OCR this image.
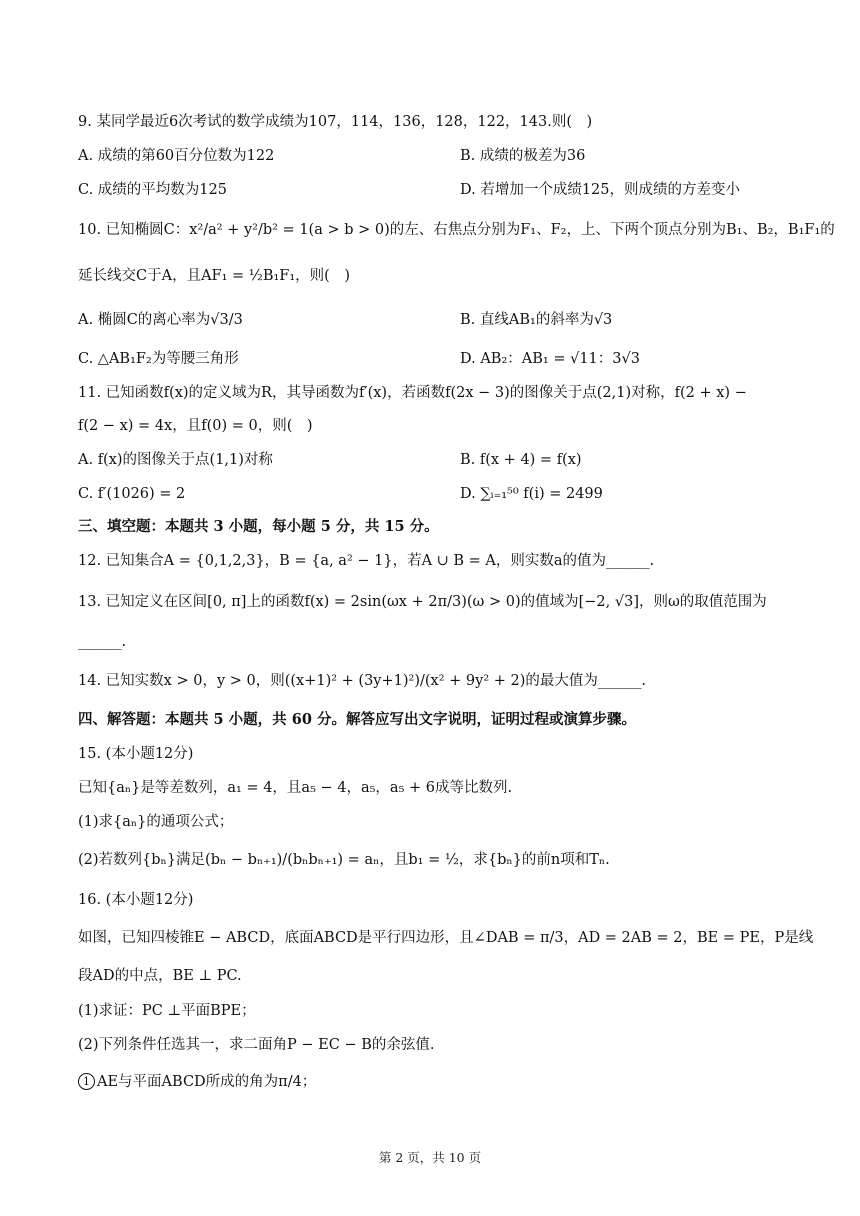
9. 某同学最近6次考试的数学成绩为107，114，136，128，122，143.则(　)
A. 成绩的第60百分位数为122	B. 成绩的极差为36
C. 成绩的平均数为125	D. 若增加一个成绩125，则成绩的方差变小
10. 已知椭圆C：x²/a² + y²/b² = 1(a > b > 0)的左、右焦点分别为F₁、F₂，上、下两个顶点分别为B₁、B₂，B₁F₁的
延长线交C于A，且AF₁ = ½B₁F₁，则(　)
A. 椭圆C的离心率为√3/3	B. 直线AB₁的斜率为√3
C. △AB₁F₂为等腰三角形	D. AB₂：AB₁ = √11：3√3
11. 已知函数f(x)的定义域为R，其导函数为f′(x)，若函数f(2x − 3)的图像关于点(2,1)对称，f(2 + x) −
f(2 − x) = 4x，且f(0) = 0，则(　)
A. f(x)的图像关于点(1,1)对称	B. f(x + 4) = f(x)
C. f′(1026) = 2	D. ∑ᵢ₌₁⁵⁰ f(i) = 2499
三、填空题：本题共 3 小题，每小题 5 分，共 15 分。
12. 已知集合A = {0,1,2,3}，B = {a, a² − 1}，若A ∪ B = A，则实数a的值为______.
13. 已知定义在区间[0, π]上的函数f(x) = 2sin(ωx + 2π/3)(ω > 0)的值域为[−2, √3]，则ω的取值范围为
______.
14. 已知实数x > 0，y > 0，则((x+1)² + (3y+1)²)/(x² + 9y² + 2)的最大值为______.
四、解答题：本题共 5 小题，共 60 分。解答应写出文字说明，证明过程或演算步骤。
15. (本小题12分)
已知{aₙ}是等差数列，a₁ = 4，且a₅ − 4，a₅，a₅ + 6成等比数列.
(1)求{aₙ}的通项公式；
(2)若数列{bₙ}满足(bₙ − bₙ₊₁)/(bₙbₙ₊₁) = aₙ，且b₁ = ½，求{bₙ}的前n项和Tₙ.
16. (本小题12分)
如图，已知四棱锥E − ABCD，底面ABCD是平行四边形，且∠DAB = π/3，AD = 2AB = 2，BE = PE，P是线
段AD的中点，BE ⊥ PC.
(1)求证：PC ⊥平面BPE；
(2)下列条件任选其一，求二面角P − EC − B的余弦值.
1 AE与平面ABCD所成的角为π/4；
第 2 页，共 10 页
